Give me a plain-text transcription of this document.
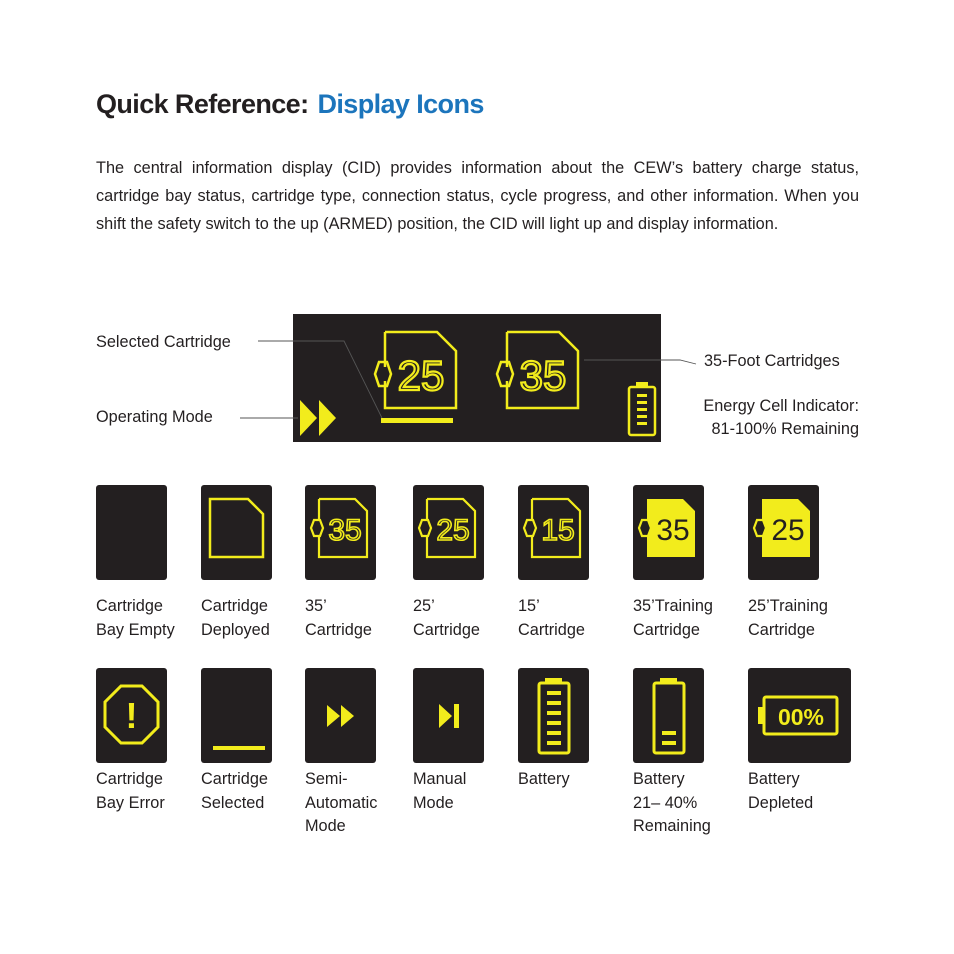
Quick Reference: Display Icons

The central information display (CID) provides information about the CEW’s battery charge status, cartridge bay status, cartridge type, connection status, cycle progress, and other information. When you shift the safety switch to the up (ARMED) position, the CID will light up and display information.

25 35
Selected Cartridge
Operating Mode
35-Foot Cartridges
Energy Cell Indicator:
81-100% Remaining
35 25 15	35	25
Cartridge
Bay Empty
Cartridge
Deployed
35’
Cartridge
25’
Cartridge
15’
Cartridge
35’Training
Cartridge
25’Training
Cartridge
!	00%
Cartridge
Bay Error
Cartridge
Selected
Semi-
Automatic
Mode
Manual
Mode
Battery	Battery
21– 40%
Remaining
Battery
Depleted
